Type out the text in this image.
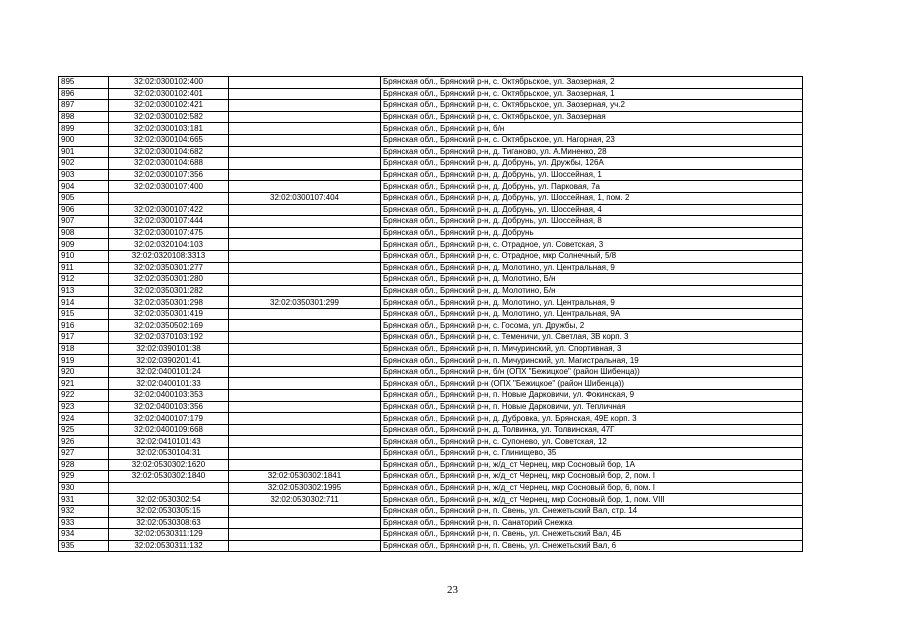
895	32:02:0300102:400		Брянская обл., Брянский р-н, с. Октябрьское, ул. Заозерная, 2
896	32:02:0300102:401		Брянская обл., Брянский р-н, с. Октябрьское, ул. Заозерная, 1
897	32:02:0300102:421		Брянская обл., Брянский р-н, с. Октябрьское, ул. Заозерная, уч.2
898	32:02:0300102:582		Брянская обл., Брянский р-н, с. Октябрьское, ул. Заозерная
899	32:02:0300103:181		Брянская обл., Брянский р-н, б/н
900	32:02:0300104:665		Брянская обл., Брянский р-н, с. Октябрьское, ул. Нагорная, 23
901	32:02:0300104:682		Брянская обл., Брянский р-н, д. Тиганово, ул. А.Миненко, 28
902	32:02:0300104:688		Брянская обл., Брянский р-н, д. Добрунь, ул. Дружбы, 126А
903	32:02:0300107:356		Брянская обл., Брянский р-н, д. Добрунь, ул. Шоссейная, 1
904	32:02:0300107:400		Брянская обл., Брянский р-н, д. Добрунь, ул. Парковая, 7а
905		32:02:0300107:404	Брянская обл., Брянский р-н, д. Добрунь, ул. Шоссейная, 1, пом. 2
906	32:02:0300107:422		Брянская обл., Брянский р-н, д. Добрунь, ул. Шоссейная, 4
907	32:02:0300107:444		Брянская обл., Брянский р-н, д. Добрунь, ул. Шоссейная, 8
908	32:02:0300107:475		Брянская обл., Брянский р-н, д. Добрунь
909	32:02:0320104:103		Брянская обл., Брянский р-н, с. Отрадное, ул. Советская, 3
910	32:02:0320108:3313		Брянская обл., Брянский р-н, с. Отрадное, мкр Солнечный, 5/8
911	32:02:0350301:277		Брянская обл., Брянский р-н, д. Молотино, ул. Центральная, 9
912	32:02:0350301:280		Брянская обл., Брянский р-н, д. Молотино, Б/н
913	32:02:0350301:282		Брянская обл., Брянский р-н, д. Молотино, Б/н
914	32:02:0350301:298	32:02:0350301:299	Брянская обл., Брянский р-н, д. Молотино, ул. Центральная, 9
915	32:02:0350301:419		Брянская обл., Брянский р-н, д. Молотино, ул. Центральная, 9А
916	32:02:0350502:169		Брянская обл., Брянский р-н, с. Госома, ул. Дружбы, 2
917	32:02:0370103:192		Брянская обл., Брянский р-н, с. Теменичи, ул. Светлая, 3В корп. 3
918	32:02:0390101:38		Брянская обл., Брянский р-н, п. Мичуринский, ул. Спортивная, 3
919	32:02:0390201:41		Брянская обл., Брянский р-н, п. Мичуринский, ул. Магистральная, 19
920	32:02:0400101:24		Брянская обл., Брянский р-н, б/н (ОПХ "Бежицкое" (район Шибенца))
921	32:02:0400101:33		Брянская обл., Брянский р-н (ОПХ "Бежицкое" (район Шибенца))
922	32:02:0400103:353		Брянская обл., Брянский р-н, п. Новые Дарковичи, ул. Фокинская, 9
923	32:02:0400103:356		Брянская обл., Брянский р-н, п. Новые Дарковичи, ул. Тепличная
924	32:02:0400107:179		Брянская обл., Брянский р-н, д. Дубровка, ул. Брянская, 49Е корп. 3
925	32:02:0400109:668		Брянская обл., Брянский р-н, д. Толвинка, ул. Толвинская, 47Г
926	32:02:0410101:43		Брянская обл., Брянский р-н, с. Супонево, ул. Советская, 12
927	32:02:0530104:31		Брянская обл., Брянский р-н, с. Глинищево, 35
928	32:02:0530302:1620		Брянская обл., Брянский р-н, ж/д_ст Чернец, мкр Сосновый бор, 1А
929	32:02:0530302:1840	32:02:0530302:1841	Брянская обл., Брянский р-н, ж/д_ст Чернец, мкр Сосновый бор, 2, пом. I
930		32:02:0530302:1995	Брянская обл., Брянский р-н, ж/д_ст Чернец, мкр Сосновый бор, 6, пом. I
931	32:02:0530302:54	32:02:0530302:711	Брянская обл., Брянский р-н, ж/д_ст Чернец, мкр Сосновый бор, 1, пом. VIII
932	32:02:0530305:15		Брянская обл., Брянский р-н, п. Свень, ул. Снежетьский Вал, стр. 14
933	32:02:0530308:63		Брянская обл., Брянский р-н, п. Санаторий Снежка
934	32:02:0530311:129		Брянская обл., Брянский р-н, п. Свень, ул. Снежетьский Вал, 4Б
935	32:02:0530311:132		Брянская обл., Брянский р-н, п. Свень, ул. Снежетьский Вал, 6
23
